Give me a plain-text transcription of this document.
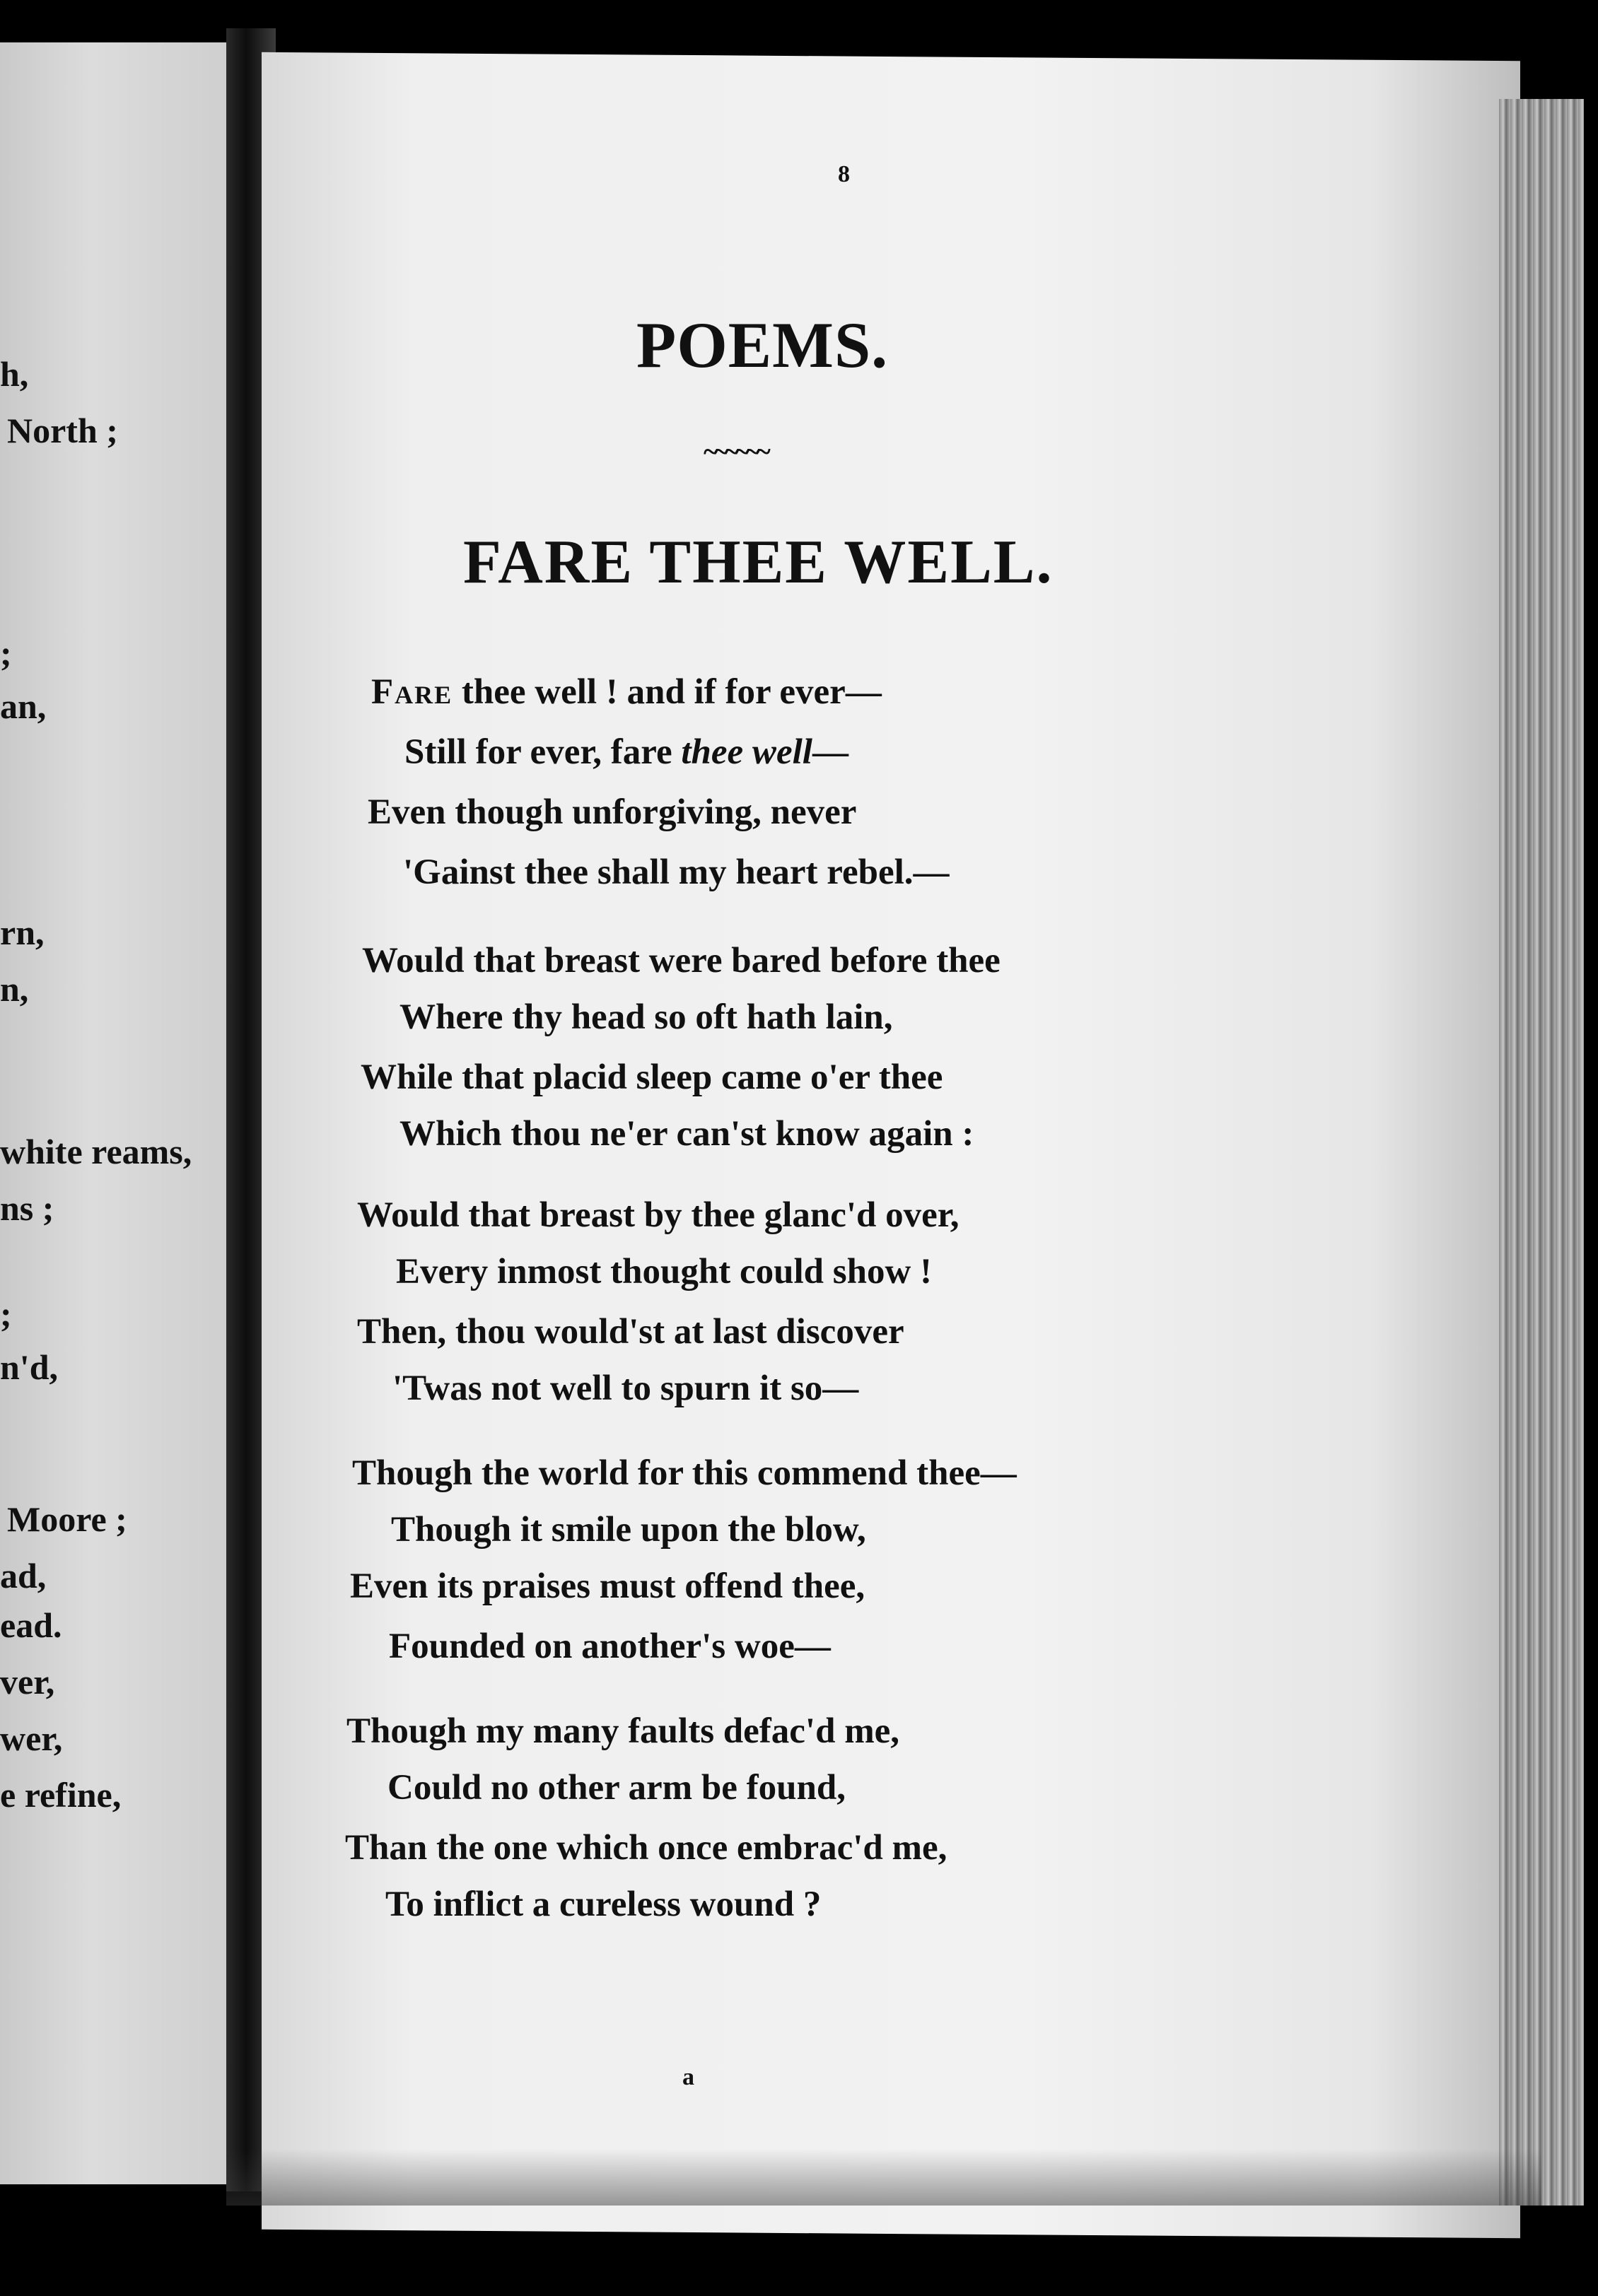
h,
North ;
;
an,
rn,
n,
white reams,
ns ;
;
n'd,
Moore ;
ad,
ead.
ver,
wer,
e refine,
8
POEMS.
~~~~~~
FARE THEE WELL.
Fare thee well ! and if for ever—
Still for ever, fare thee well—
Even though unforgiving, never
'Gainst thee shall my heart rebel.—
Would that breast were bared before thee
Where thy head so oft hath lain,
While that placid sleep came o'er thee
Which thou ne'er can'st know again :
Would that breast by thee glanc'd over,
Every inmost thought could show !
Then, thou would'st at last discover
'Twas not well to spurn it so—
Though the world for this commend thee—
Though it smile upon the blow,
Even its praises must offend thee,
Founded on another's woe—
Though my many faults defac'd me,
Could no other arm be found,
Than the one which once embrac'd me,
To inflict a cureless wound ?
a
